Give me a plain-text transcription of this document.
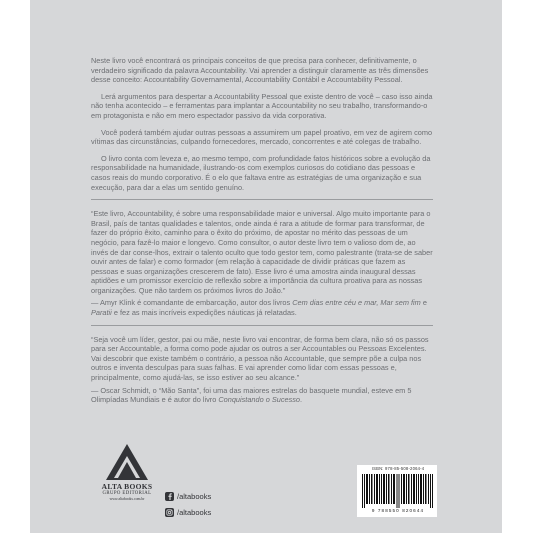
Neste livro você encontrará os principais conceitos de que precisa para conhecer, definitivamente, o verdadeiro significado da palavra Accountability. Vai aprender a distinguir claramente as três dimensões desse conceito: Accountability Governamental, Accountability Contábil e Accountability Pessoal.

Lerá argumentos para despertar a Accountability Pessoal que existe dentro de você – caso isso ainda não tenha acontecido – e ferramentas para implantar a Accountability no seu trabalho, transformando-o em protagonista e não em mero espectador passivo da vida corporativa.

Você poderá também ajudar outras pessoas a assumirem um papel proativo, em vez de agirem como vítimas das circunstâncias, culpando fornecedores, mercado, concorrentes e até colegas de trabalho.

O livro conta com leveza e, ao mesmo tempo, com profundidade fatos históricos sobre a evolução da responsabilidade na humanidade, ilustrando-os com exemplos curiosos do cotidiano das pessoas e casos reais do mundo corporativo. É o elo que faltava entre as estratégias de uma organização e sua execução, para dar a elas um sentido genuíno.

“Este livro, Accountability, é sobre uma responsabilidade maior e universal. Algo muito importante para o Brasil, país de tantas qualidades e talentos, onde ainda é rara a atitude de formar para transformar, de fazer do próprio êxito, caminho para o êxito do próximo, de apostar no mérito das pessoas de um negócio, para fazê-lo maior e longevo. Como consultor, o autor deste livro tem o valioso dom de, ao invés de dar conse-lhos, extrair o talento oculto que todo gestor tem, como palestrante (trata-se de saber ouvir antes de falar) e como formador (em relação à capacidade de dividir práticas que fazem as pessoas e suas organizações crescerem de fato). Esse livro é uma amostra ainda inaugural dessas aptidões e um promissor exercício de reflexão sobre a importância da cultura proativa para as nossas organizações. Que não tardem os próximos livros do João.”

— Amyr Klink é comandante de embarcação, autor dos livros Cem dias entre céu e mar, Mar sem fim e Paratii e fez as mais incríveis expedições náuticas já relatadas.

“Seja você um líder, gestor, pai ou mãe, neste livro vai encontrar, de forma bem clara, não só os passos para ser Accountable, a forma como pode ajudar os outros a ser Accountables ou Pessoas Excelentes. Vai descobrir que existe também o contrário, a pessoa não Accountable, que sempre põe a culpa nos outros e inventa desculpas para suas falhas. E vai aprender como lidar com essas pessoas e, principalmente, como ajudá-las, se isso estiver ao seu alcance.”

— Oscar Schmidt, o “Mão Santa”, foi uma das maiores estrelas do basquete mundial, esteve em 5 Olimpíadas Mundiais e é autor do livro Conquistando o Sucesso.

ALTA BOOKS
GRUPO EDITORIAL
www.altabooks.com.br	/altabooks
/altabooks
ISBN: 978-85-508-2064-4
9 788550 820644
